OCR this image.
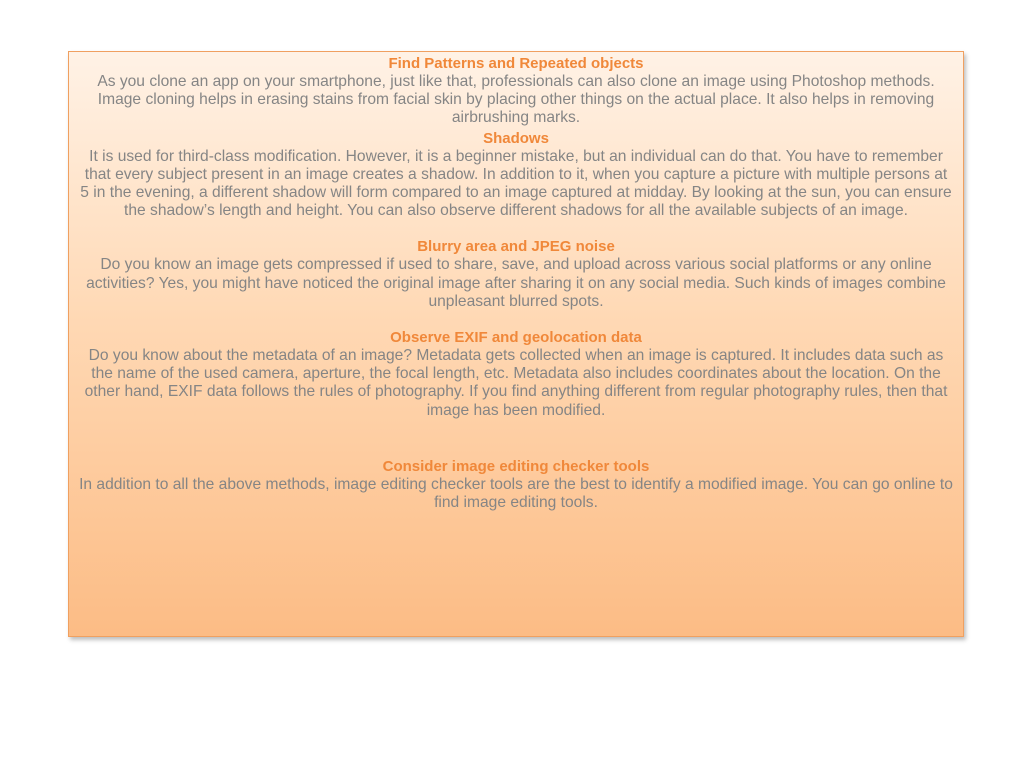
Find Patterns and Repeated objects

As you clone an app on your smartphone, just like that, professionals can also clone an image using Photoshop methods. Image cloning helps in erasing stains from facial skin by placing other things on the actual place. It also helps in removing airbrushing marks.

Shadows

It is used for third-class modification. However, it is a beginner mistake, but an individual can do that. You have to remember that every subject present in an image creates a shadow. In addition to it, when you capture a picture with multiple persons at 5 in the evening, a different shadow will form compared to an image captured at midday. By looking at the sun, you can ensure the shadow’s length and height. You can also observe different shadows for all the available subjects of an image.

Blurry area and JPEG noise

Do you know an image gets compressed if used to share, save, and upload across various social platforms or any online activities? Yes, you might have noticed the original image after sharing it on any social media. Such kinds of images combine unpleasant blurred spots.

Observe EXIF and geolocation data

Do you know about the metadata of an image? Metadata gets collected when an image is captured. It includes data such as the name of the used camera, aperture, the focal length, etc. Metadata also includes coordinates about the location. On the other hand, EXIF data follows the rules of photography. If you find anything different from regular photography rules, then that image has been modified.

Consider image editing checker tools

In addition to all the above methods, image editing checker tools are the best to identify a modified image. You can go online to find image editing tools.
